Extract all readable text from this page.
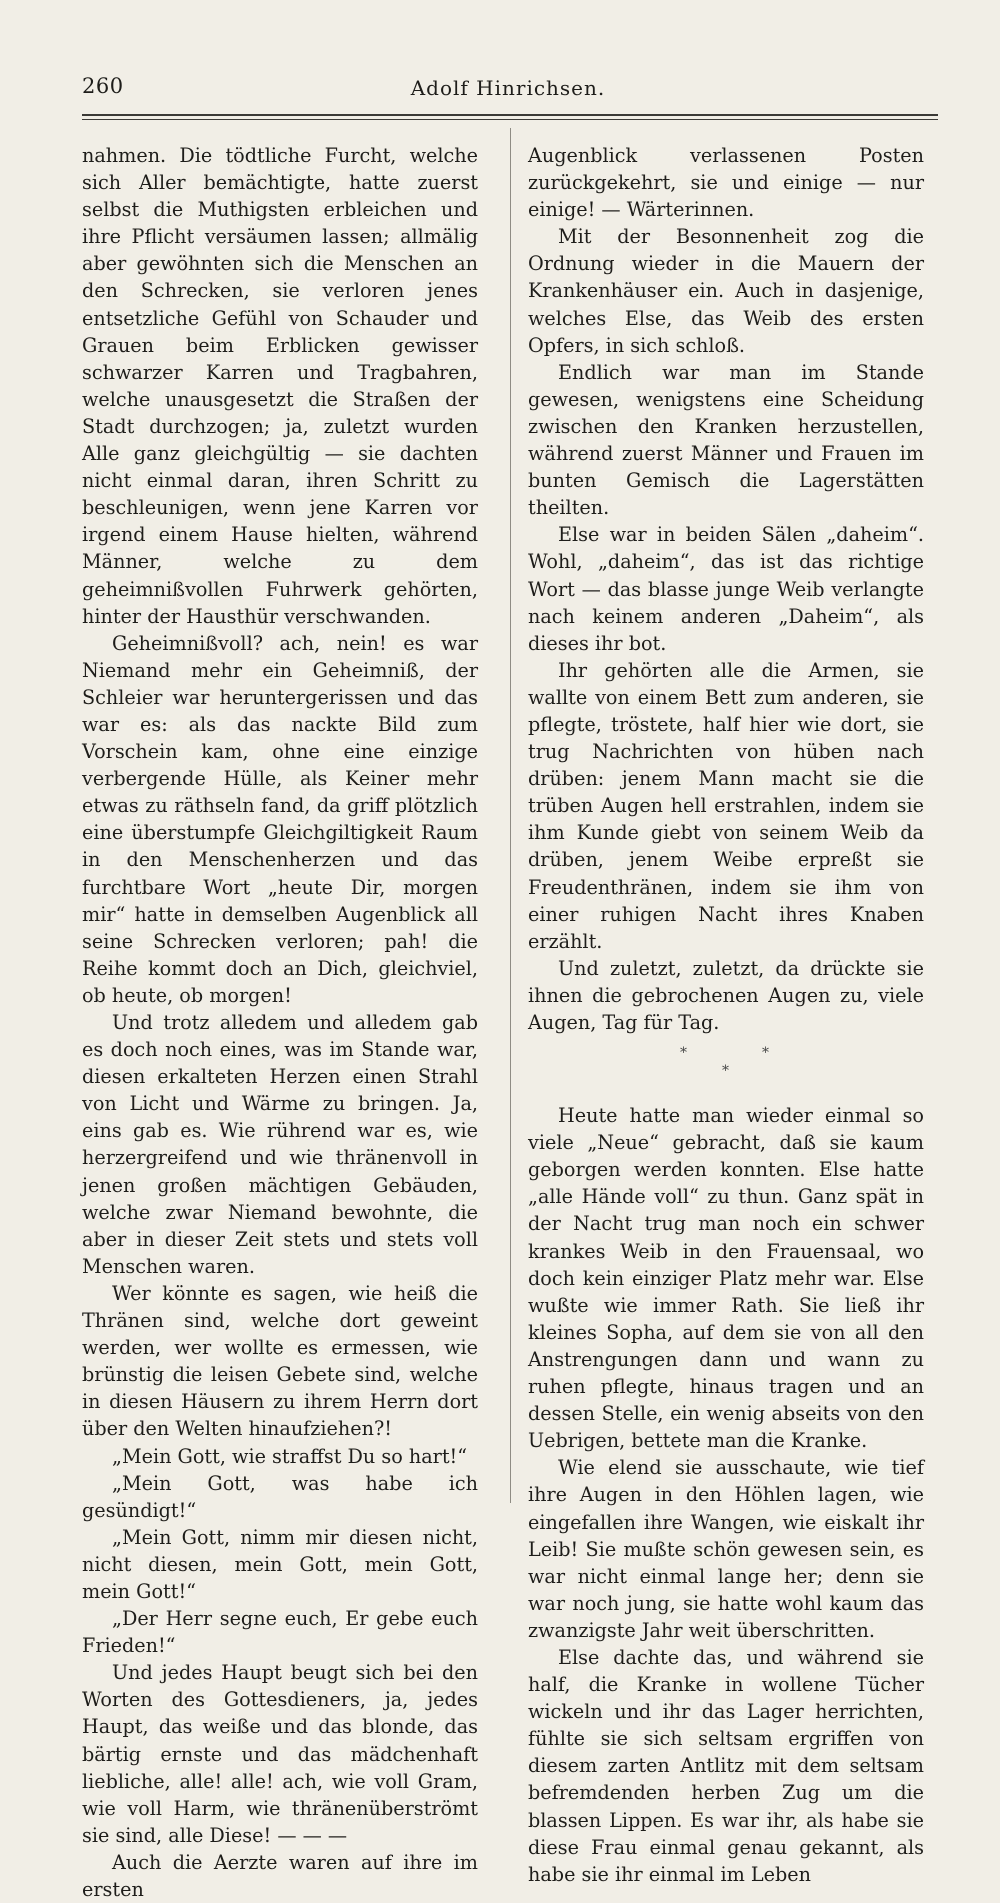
260	Adolf Hinrichsen.

nahmen. Die tödtliche Furcht, welche sich Aller bemächtigte, hatte zuerst selbst die Muthigsten erbleichen und ihre Pflicht versäumen lassen; allmälig aber gewöhnten sich die Menschen an den Schrecken, sie verloren jenes entsetzliche Gefühl von Schauder und Grauen beim Erblicken gewisser schwarzer Karren und Tragbahren, welche unausgesetzt die Straßen der Stadt durchzogen; ja, zuletzt wurden Alle ganz gleichgültig — sie dachten nicht einmal daran, ihren Schritt zu beschleunigen, wenn jene Karren vor irgend einem Hause hielten, während Männer, welche zu dem geheimnißvollen Fuhrwerk gehörten, hinter der Hausthür verschwanden.

Geheimnißvoll? ach, nein! es war Niemand mehr ein Geheimniß, der Schleier war heruntergerissen und das war es: als das nackte Bild zum Vorschein kam, ohne eine einzige verbergende Hülle, als Keiner mehr etwas zu räthseln fand, da griff plötzlich eine überstumpfe Gleichgiltigkeit Raum in den Menschenherzen und das furchtbare Wort „heute Dir, morgen mir“ hatte in demselben Augenblick all seine Schrecken verloren; pah! die Reihe kommt doch an Dich, gleichviel, ob heute, ob morgen!

Und trotz alledem und alledem gab es doch noch eines, was im Stande war, diesen erkalteten Herzen einen Strahl von Licht und Wärme zu bringen. Ja, eins gab es. Wie rührend war es, wie herzergreifend und wie thränenvoll in jenen großen mächtigen Gebäuden, welche zwar Niemand bewohnte, die aber in dieser Zeit stets und stets voll Menschen waren.

Wer könnte es sagen, wie heiß die Thränen sind, welche dort geweint werden, wer wollte es ermessen, wie brünstig die leisen Gebete sind, welche in diesen Häusern zu ihrem Herrn dort über den Welten hinaufziehen?!

„Mein Gott, wie straffst Du so hart!“

„Mein Gott, was habe ich gesündigt!“

„Mein Gott, nimm mir diesen nicht, nicht diesen, mein Gott, mein Gott, mein Gott!“

„Der Herr segne euch, Er gebe euch Frieden!“

Und jedes Haupt beugt sich bei den Worten des Gottesdieners, ja, jedes Haupt, das weiße und das blonde, das bärtig ernste und das mädchenhaft liebliche, alle! alle! ach, wie voll Gram, wie voll Harm, wie thränenüberströmt sie sind, alle Diese! — — —

Auch die Aerzte waren auf ihre im ersten

Augenblick verlassenen Posten zurückgekehrt, sie und einige — nur einige! — Wärterinnen.

Mit der Besonnenheit zog die Ordnung wieder in die Mauern der Krankenhäuser ein. Auch in dasjenige, welches Else, das Weib des ersten Opfers, in sich schloß.

Endlich war man im Stande gewesen, wenigstens eine Scheidung zwischen den Kranken herzustellen, während zuerst Männer und Frauen im bunten Gemisch die Lagerstätten theilten.

Else war in beiden Sälen „daheim“. Wohl, „daheim“, das ist das richtige Wort — das blasse junge Weib verlangte nach keinem anderen „Daheim“, als dieses ihr bot.

Ihr gehörten alle die Armen, sie wallte von einem Bett zum anderen, sie pflegte, tröstete, half hier wie dort, sie trug Nachrichten von hüben nach drüben: jenem Mann macht sie die trüben Augen hell erstrahlen, indem sie ihm Kunde giebt von seinem Weib da drüben, jenem Weibe erpreßt sie Freudenthränen, indem sie ihm von einer ruhigen Nacht ihres Knaben erzählt.

Und zuletzt, zuletzt, da drückte sie ihnen die gebrochenen Augen zu, viele Augen, Tag für Tag.

*	*
*

Heute hatte man wieder einmal so viele „Neue“ gebracht, daß sie kaum geborgen werden konnten. Else hatte „alle Hände voll“ zu thun. Ganz spät in der Nacht trug man noch ein schwer krankes Weib in den Frauensaal, wo doch kein einziger Platz mehr war. Else wußte wie immer Rath. Sie ließ ihr kleines Sopha, auf dem sie von all den Anstrengungen dann und wann zu ruhen pflegte, hinaus tragen und an dessen Stelle, ein wenig abseits von den Uebrigen, bettete man die Kranke.

Wie elend sie ausschaute, wie tief ihre Augen in den Höhlen lagen, wie eingefallen ihre Wangen, wie eiskalt ihr Leib! Sie mußte schön gewesen sein, es war nicht einmal lange her; denn sie war noch jung, sie hatte wohl kaum das zwanzigste Jahr weit überschritten.

Else dachte das, und während sie half, die Kranke in wollene Tücher wickeln und ihr das Lager herrichten, fühlte sie sich seltsam ergriffen von diesem zarten Antlitz mit dem seltsam befremdenden herben Zug um die blassen Lippen. Es war ihr, als habe sie diese Frau einmal genau gekannt, als habe sie ihr einmal im Leben
